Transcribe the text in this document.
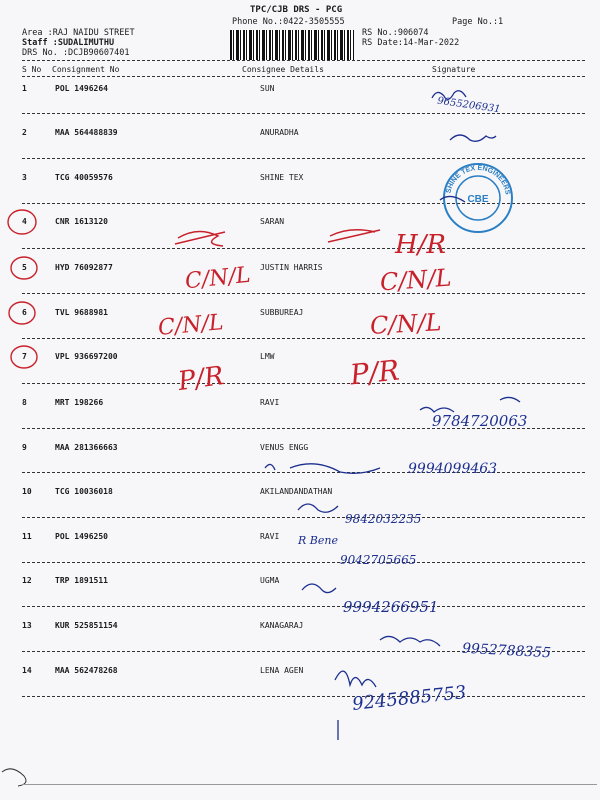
TPC/CJB DRS - PCG
Phone No.:0422-3505555	Page No.:1
Area :RAJ NAIDU STREET
Staff :SUDALIMUTHU
DRS No. :DCJB90607401
RS No.:906074
RS Date:14-Mar-2022
S No Consignment No	Consignee Details	Signature
1	POL 1496264	SUN
2	MAA 564488839	ANURADHA
3	TCG 40059576	SHINE TEX
4	CNR 1613120	SARAN
5	HYD 76092877	JUSTIN HARRIS
6	TVL 9688981	SUBBUREAJ
7	VPL 936697200	LMW
8	MRT 198266	RAVI
9	MAA 281366663	VENUS ENGG
10	TCG 10036018	AKILANDANDATHAN
11	POL 1496250	RAVI
12	TRP 1891511	UGMA
13	KUR 525851154	KANAGARAJ
14	MAA 562478268	LENA AGEN
CBE
SHINE TEX ENGINEERS
9655206931
H/R
C/N/L	C/N/L
C/N/L	C/N/L
P/R	P/R
9784720063
9994099463
9842032235
R Bene
9042705665
9994266951
9952788355
9245885753
